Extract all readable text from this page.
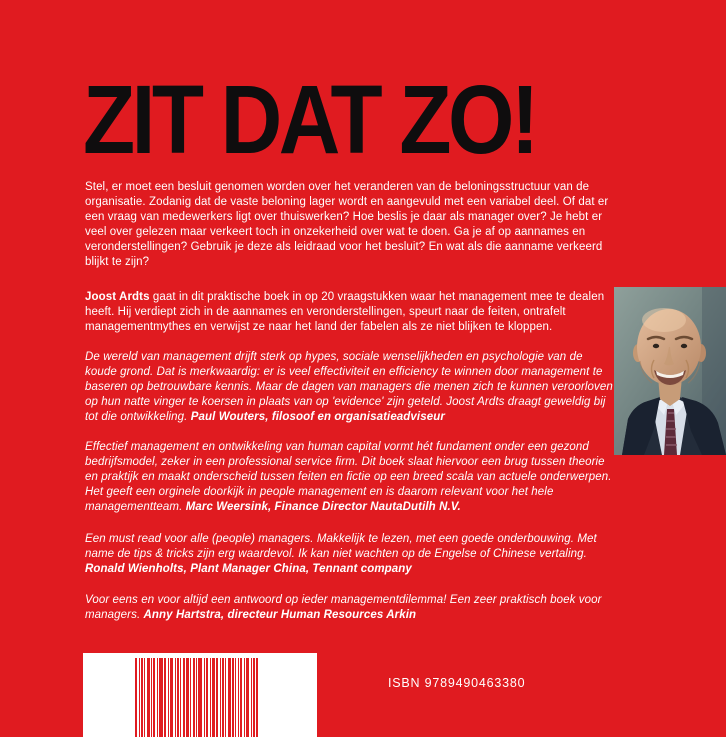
ZIT DAT ZO!

Stel, er moet een besluit genomen worden over het veranderen van de beloningsstructuur van de organisatie. Zodanig dat de vaste beloning lager wordt en aangevuld met een variabel deel. Of dat er een vraag van medewerkers ligt over thuiswerken? Hoe beslis je daar als manager over? Je hebt er veel over gelezen maar verkeert toch in onzekerheid over wat te doen. Ga je af op aannames en veronderstellingen? Gebruik je deze als leidraad voor het besluit? En wat als die aanname verkeerd blijkt te zijn?

Joost Ardts gaat in dit praktische boek in op 20 vraagstukken waar het management mee te dealen heeft. Hij verdiept zich in de aannames en veronderstellingen, speurt naar de feiten, ontrafelt managementmythes en verwijst ze naar het land der fabelen als ze niet blijken te kloppen.

De wereld van management drijft sterk op hypes, sociale wenselijkheden en psychologie van de koude grond. Dat is merkwaardig: er is veel effectiviteit en efficiency te winnen door management te baseren op betrouwbare kennis. Maar de dagen van managers die menen zich te kunnen veroorloven op hun natte vinger te koersen in plaats van op 'evidence' zijn geteld. Joost Ardts draagt geweldig bij tot die ontwikkeling. Paul Wouters, filosoof en organisatieadviseur

Effectief management en ontwikkeling van human capital vormt hét fundament onder een gezond bedrijfsmodel, zeker in een professional service firm. Dit boek slaat hiervoor een brug tussen theorie en praktijk en maakt onderscheid tussen feiten en fictie op een breed scala van actuele onderwerpen. Het geeft een orginele doorkijk in people management en is daarom relevant voor het hele managementteam. Marc Weersink, Finance Director NautaDutilh N.V.

Een must read voor alle (people) managers. Makkelijk te lezen, met een goede onderbouwing. Met name de tips & tricks zijn erg waardevol. Ik kan niet wachten op de Engelse of Chinese vertaling. Ronald Wienholts, Plant Manager China, Tennant company

Voor eens en voor altijd een antwoord op ieder managementdilemma! Een zeer praktisch boek voor managers. Anny Hartstra, directeur Human Resources Arkin

ISBN 9789490463380
